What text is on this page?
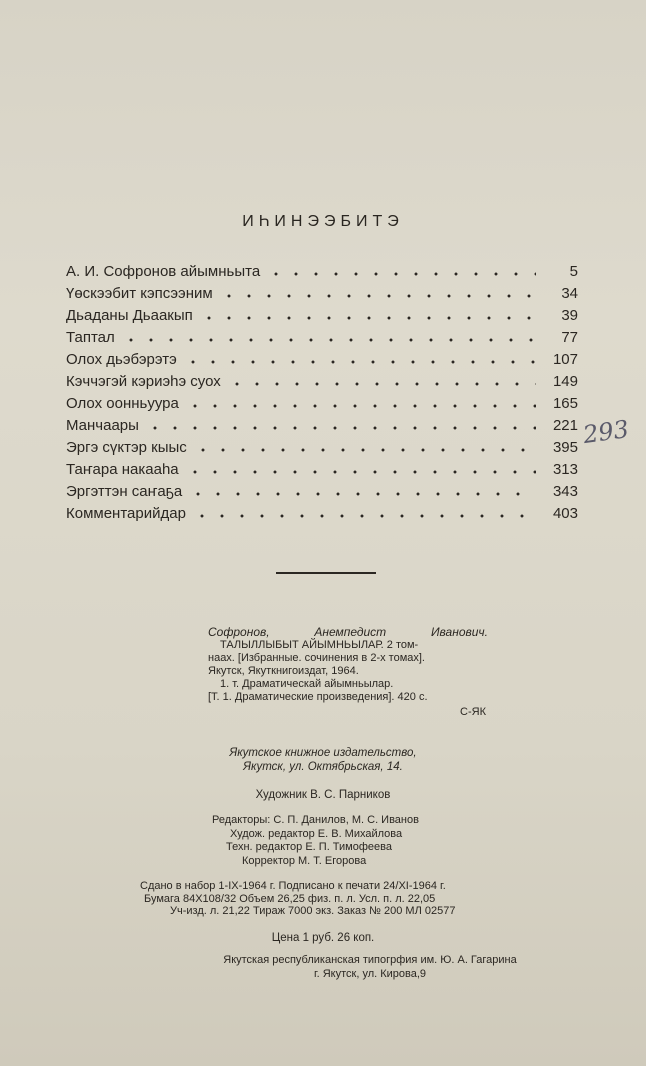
ИҺИНЭЭБИТЭ
А. И. Софронов айымньыта	5
Үөскээбит кэпсээним	34
Дьаданы Дьаакып	39
Таптал	77
Олох дьэбэрэтэ	107
Кэччэгэй кэриэһэ суох	149
Олох оонньуура	165
Манчаары	221
Эргэ сүктэр кыыс	395
Таҥара накааһа	313
Эргэттэн саҥаҕа	343
Комментарийдар	403
293
Софронов,	Анемпедист	Иванович.
ТАЛЫЛЛЫБЫТ АЙЫМНЬЫЛАР. 2 том-
наах. [Избранные. сочинения в 2-х томах].
Якутск, Якуткнигоиздат, 1964.
1. т. Драматическай айымньылар.
[Т. 1. Драматические произведения]. 420 с.
С-ЯК
Якутское книжное издательство,
Якутск, ул. Октябрьская, 14.
Художник В. С. Парников
Редакторы: С. П. Данилов, М. С. Иванов
Худож. редактор Е. В. Михайлова
Техн. редактор Е. П. Тимофеева
Корректор М. Т. Егорова
Сдано в набор 1-IX-1964 г. Подписано к печати 24/XI-1964 г.
Бумага 84Х108/32 Объем 26,25 физ. п. л. Усл. п. л. 22,05
Уч-изд. л. 21,22 Тираж 7000 экз. Заказ № 200 МЛ 02577
Цена 1 руб. 26 коп.
Якутская республиканская типогрфия им. Ю. А. Гагарина
г. Якутск, ул. Кирова,9
